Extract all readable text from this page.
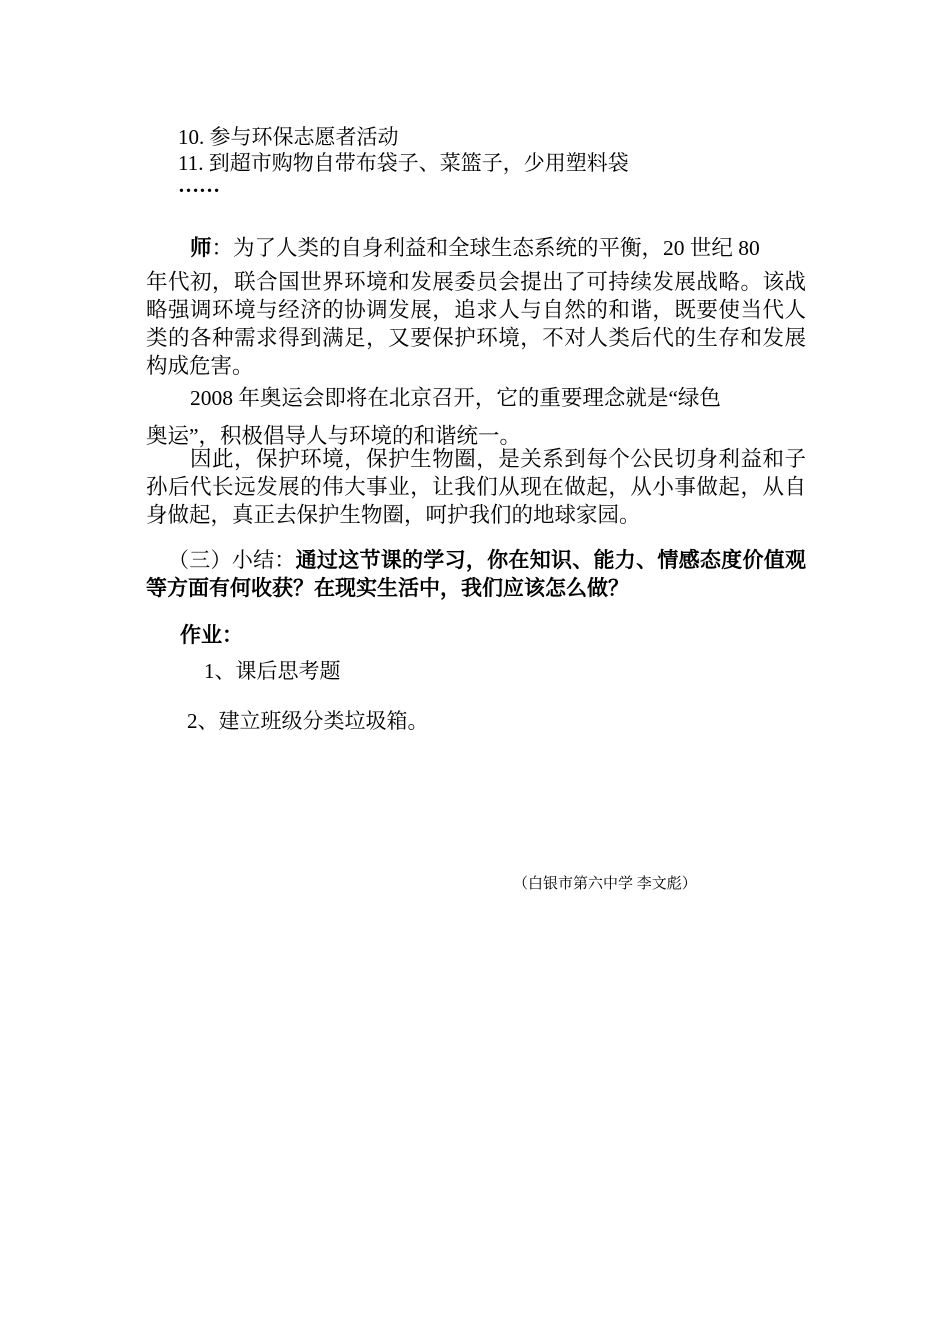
10. 参与环保志愿者活动
11. 到超市购物自带布袋子、菜篮子，少用塑料袋
……
师：为了人类的自身利益和全球生态系统的平衡，20 世纪 80
年代初，联合国世界环境和发展委员会提出了可持续发展战略。该战略强调环境与经济的协调发展，追求人与自然的和谐，既要使当代人类的各种需求得到满足，又要保护环境，不对人类后代的生存和发展构成危害。
2008 年奥运会即将在北京召开，它的重要理念就是“绿色
奥运”，积极倡导人与环境的和谐统一。
因此，保护环境，保护生物圈，是关系到每个公民切身利益和子孙后代长远发展的伟大事业，让我们从现在做起，从小事做起，从自身做起，真正去保护生物圈，呵护我们的地球家园。
（三）小结：通过这节课的学习，你在知识、能力、情感态度价值观等方面有何收获？在现实生活中，我们应该怎么做？
作业：
1、课后思考题
2、建立班级分类垃圾箱。
（白银市第六中学 李文彪）
